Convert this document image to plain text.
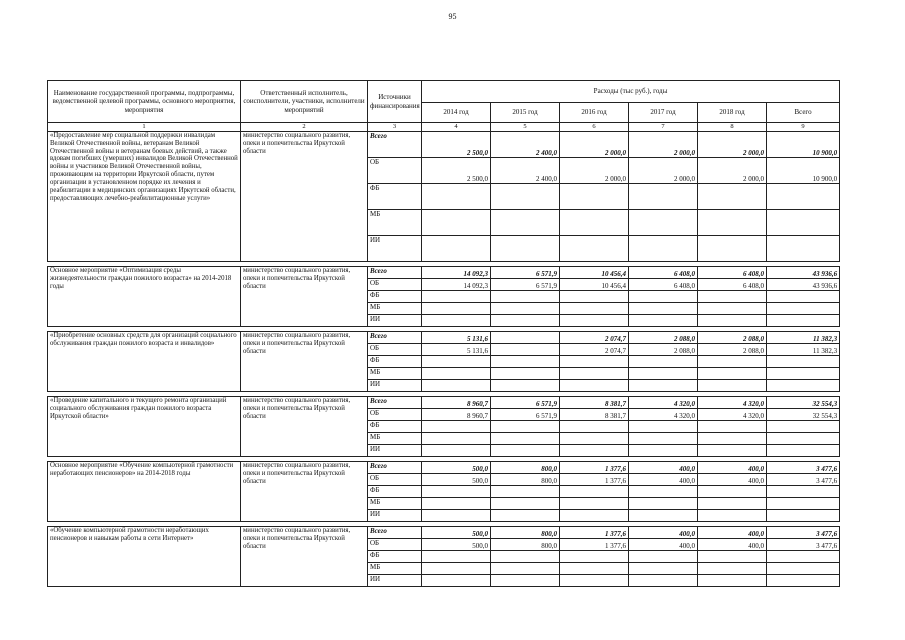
95
Наименование государственной программы, подпрограммы, ведомственной целевой программы, основного мероприятия, мероприятия	Ответственный исполнитель, соисполнители, участники, исполнители мероприятий	Источники финансирования	Расходы (тыс руб.), годы					
			2014 год	2015 год	2016 год	2017 год	2018 год	Всего
1	2	3	4	5	6	7	8	9
«Предоставление мер социальной поддержки инвалидам Великой Отечественной войны, ветеранам Великой Отечественной войны и ветеранам боевых действий, а также вдовам погибших (умерших) инвалидов Великой Отечественной войны и участников Великой Отечественной войны, проживающим на территории Иркутской области, путем организации в установленном порядке их лечения и реабилитации в медицинских организациях Иркутской области, предоставляющих лечебно-реабилитационные услуги»	министерство социального развития, опеки и попечительства Иркутской области	Всего	2 500,0	2 400,0	2 000,0	2 000,0	2 000,0	10 900,0
		ОБ	2 500,0	2 400,0	2 000,0	2 000,0	2 000,0	10 900,0
		ФБ						
		МБ						
		ИИ						

Основное мероприятие «Оптимизация среды жизнедеятельности граждан пожилого возраста» на 2014-2018 годы	министерство социального развития, опеки и попечительства Иркутской области	Всего	14 092,3	6 571,9	10 456,4	6 408,0	6 408,0	43 936,6
		ОБ	14 092,3	6 571,9	10 456,4	6 408,0	6 408,0	43 936,6
		ФБ						
		МБ						
		ИИ						

«Приобретение основных средств для организаций социального обслуживания граждан пожилого возраста и инвалидов»	министерство социального развития, опеки и попечительства Иркутской области	Всего	5 131,6		2 074,7	2 088,0	2 088,0	11 382,3
		ОБ	5 131,6		2 074,7	2 088,0	2 088,0	11 382,3
		ФБ						
		МБ						
		ИИ						

«Проведение капитального и текущего ремонта организаций социального обслуживания граждан пожилого возраста Иркутской области»	министерство социального развития, опеки и попечительства Иркутской области	Всего	8 960,7	6 571,9	8 381,7	4 320,0	4 320,0	32 554,3
		ОБ	8 960,7	6 571,9	8 381,7	4 320,0	4 320,0	32 554,3
		ФБ						
		МБ						
		ИИ						

Основное мероприятие «Обучение компьютерной грамотности неработающих пенсионеров» на 2014-2018 годы	министерство социального развития, опеки и попечительства Иркутской области	Всего	500,0	800,0	1 377,6	400,0	400,0	3 477,6
		ОБ	500,0	800,0	1 377,6	400,0	400,0	3 477,6
		ФБ						
		МБ						
		ИИ						

«Обучение компьютерной грамотности неработающих пенсионеров и навыкам работы в сети Интернет»	министерство социального развития, опеки и попечительства Иркутской области	Всего	500,0	800,0	1 377,6	400,0	400,0	3 477,6
		ОБ	500,0	800,0	1 377,6	400,0	400,0	3 477,6
		ФБ						
		МБ						
		ИИ						
